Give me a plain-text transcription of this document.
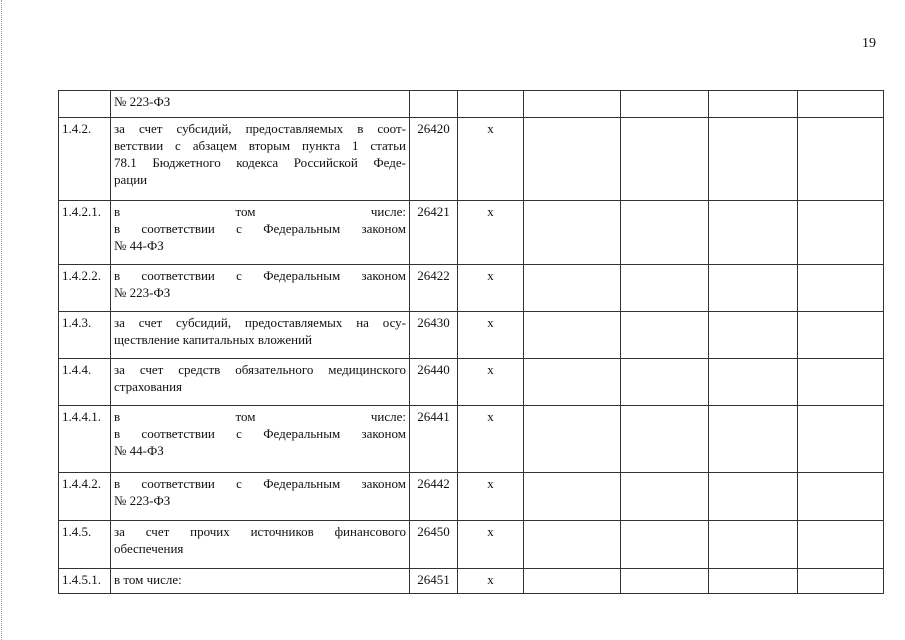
19

	№ 223-ФЗ						

1.4.2.	за счет субсидий, предоставляемых в соот-
ветствии с абзацем вторым пункта 1 статьи
78.1 Бюджетного кодекса Российской Феде-
рации	26420	х				
1.4.2.1.	в том числе:
в соответствии с Федеральным законом
№ 44-ФЗ	26421	х				
1.4.2.2.	в соответствии с Федеральным законом
№ 223-ФЗ	26422	х				
1.4.3.	за счет субсидий, предоставляемых на осу-
ществление капитальных вложений	26430	х				
1.4.4.	за счет средств обязательного медицинского
страхования	26440	х				
1.4.4.1.	в том числе:
в соответствии с Федеральным законом
№ 44-ФЗ	26441	х				
1.4.4.2.	в соответствии с Федеральным законом
№ 223-ФЗ	26442	х				
1.4.5.	за счет прочих источников финансового
обеспечения	26450	х				
1.4.5.1.	в том числе:	26451	х				
